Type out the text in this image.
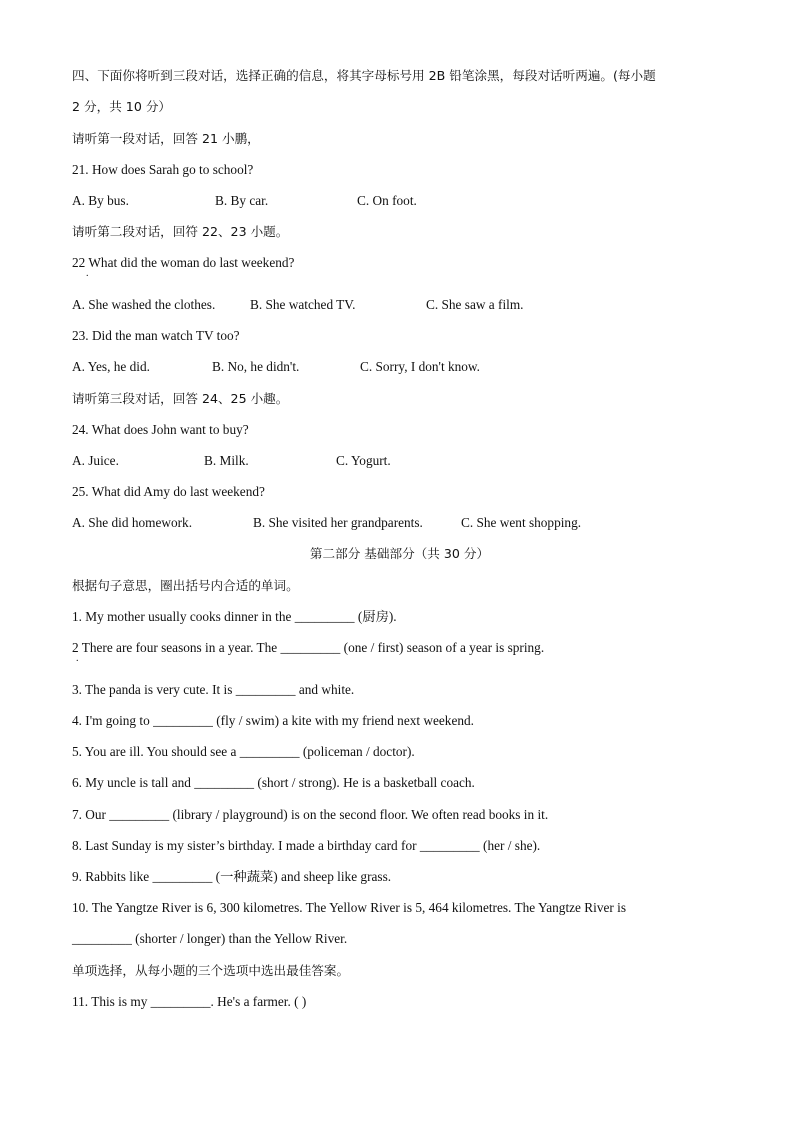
四、下面你将听到三段对话，选择正确的信息，将其字母标号用 2B 铅笔涂黑，每段对话听两遍。(每小题
2 分，共 10 分）
请听第一段对话，回答 21 小鹏，
21. How does Sarah go to school?
A. By bus.	B. By car.	C. On foot.
请听第二段对话，回符 22、23 小题。
22 What did the woman do last weekend?
.
A. She washed the clothes.	B. She watched TV.	C. She saw a film.
23. Did the man watch TV too?
A. Yes, he did.	B. No, he didn't.	C. Sorry, I don't know.
请听第三段对话，回答 24、25 小趣。
24. What does John want to buy?
A. Juice.	B. Milk.	C. Yogurt.
25. What did Amy do last weekend?
A. She did homework.	B. She visited her grandparents.	C. She went shopping.
第二部分 基础部分（共 30 分）
根据句子意思，圈出括号内合适的单词。
1. My mother usually cooks dinner in the _________ (厨房).
2 There are four seasons in a year. The _________ (one / first) season of a year is spring.
.
3. The panda is very cute. It is _________ and white.
4. I'm going to _________ (fly / swim) a kite with my friend next weekend.
5. You are ill. You should see a _________ (policeman / doctor).
6. My uncle is tall and _________ (short / strong). He is a basketball coach.
7. Our _________ (library / playground) is on the second floor. We often read books in it.
8. Last Sunday is my sister’s birthday. I made a birthday card for _________ (her / she).
9. Rabbits like _________ (一种蔬菜) and sheep like grass.
10. The Yangtze River is 6, 300 kilometres. The Yellow River is 5, 464 kilometres. The Yangtze River is
_________ (shorter / longer) than the Yellow River.
单项选择，从每小题的三个选项中选出最佳答案。
11. This is my _________. He's a farmer. ( )
